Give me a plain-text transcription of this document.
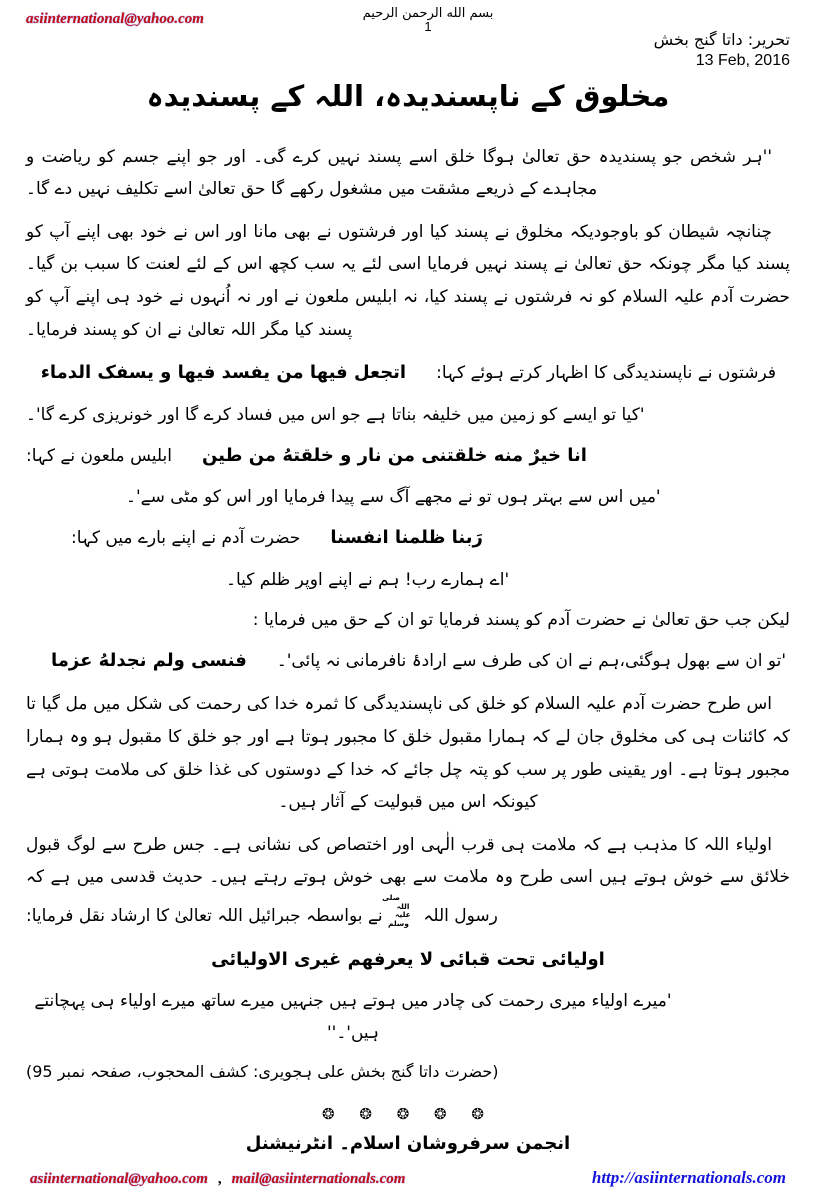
asiinternational@yahoo.com	بسم الله الرحمن الرحيم
1
تحریر: داتا گنج بخش
13 Feb, 2016
مخلوق کے ناپسندیدہ، اللہ کے پسندیدہ

''ہر شخص جو پسندیدہ حق تعالیٰ ہوگا خلق اسے پسند نہیں کرے گی۔ اور جو اپنے جسم کو ریاضت و مجاہدے کے ذریعے مشقت میں مشغول رکھے گا حق تعالیٰ اسے تکلیف نہیں دے گا۔

چنانچہ شیطان کو باوجودیکہ مخلوق نے پسند کیا اور فرشتوں نے بھی مانا اور اس نے خود بھی اپنے آپ کو پسند کیا مگر چونکہ حق تعالیٰ نے پسند نہیں فرمایا اسی لئے یہ سب کچھ اس کے لئے لعنت کا سبب بن گیا۔ حضرت آدم علیہ السلام کو نہ فرشتوں نے پسند کیا، نہ ابلیس ملعون نے اور نہ اُنہوں نے خود ہی اپنے آپ کو پسند کیا مگر اللہ تعالیٰ نے ان کو پسند فرمایا۔

اتجعل فيها من يفسد فيها و يسفک الدماء فرشتوں نے ناپسندیدگی کا اظہار کرتے ہوئے کہا:
'کیا تو ایسے کو زمین میں خلیفہ بناتا ہے جو اس میں فساد کرے گا اور خونریزی کرے گا'۔
ابلیس ملعون نے کہا: انا خیرٌ منه خلقتنی من نار و خلقتهُ من طین
'میں اس سے بہتر ہوں تو نے مجھے آگ سے پیدا فرمایا اور اس کو مٹی سے'۔
حضرت آدم نے اپنے بارے میں کہا: رَبنا ظلمنا انفسنا
'اے ہمارے رب! ہم نے اپنے اوپر ظلم کیا۔
لیکن جب حق تعالیٰ نے حضرت آدم کو پسند فرمایا تو ان کے حق میں فرمایا :
فنسی ولم نجدلهُ عزما 'تو ان سے بھول ہوگئی،ہم نے ان کی طرف سے ارادۂ نافرمانی نہ پائی'۔

اس طرح حضرت آدم علیہ السلام کو خلق کی ناپسندیدگی کا ثمرہ خدا کی رحمت کی شکل میں مل گیا تا کہ کائنات ہی کی مخلوق جان لے کہ ہمارا مقبول خلق کا مجبور ہوتا ہے اور جو خلق کا مقبول ہو وہ ہمارا مجبور ہوتا ہے۔ اور یقینی طور پر سب کو پتہ چل جائے کہ خدا کے دوستوں کی غذا خلق کی ملامت ہوتی ہے کیونکہ اس میں قبولیت کے آثار ہیں۔

اولیاء اللہ کا مذہب ہے کہ ملامت ہی قرب الٰہی اور اختصاص کی نشانی ہے۔ جس طرح سے لوگ قبول خلائق سے خوش ہوتے ہیں اسی طرح وہ ملامت سے بھی خوش ہوتے رہتے ہیں۔ حدیث قدسی میں ہے کہ رسول اللہ صلی اللہ علیہ وسلم نے بواسطہ جبرائیل اللہ تعالیٰ کا ارشاد نقل فرمایا:

اولیائی تحت قبائی لا یعرفهم غیری الاولیائی
'میرے اولیاء میری رحمت کی چادر میں ہوتے ہیں جنہیں میرے ساتھ میرے اولیاء ہی پہچانتے ہیں'۔''
(حضرت داتا گنج بخش علی ہجویری: کشف المحجوب، صفحہ نمبر 95)
❂ ❂ ❂ ❂ ❂
انجمن سرفروشان اسلام۔ انٹرنیشنل
asiinternational@yahoo.com , mail@asiinternationals.com	http://asiinternationals.com
